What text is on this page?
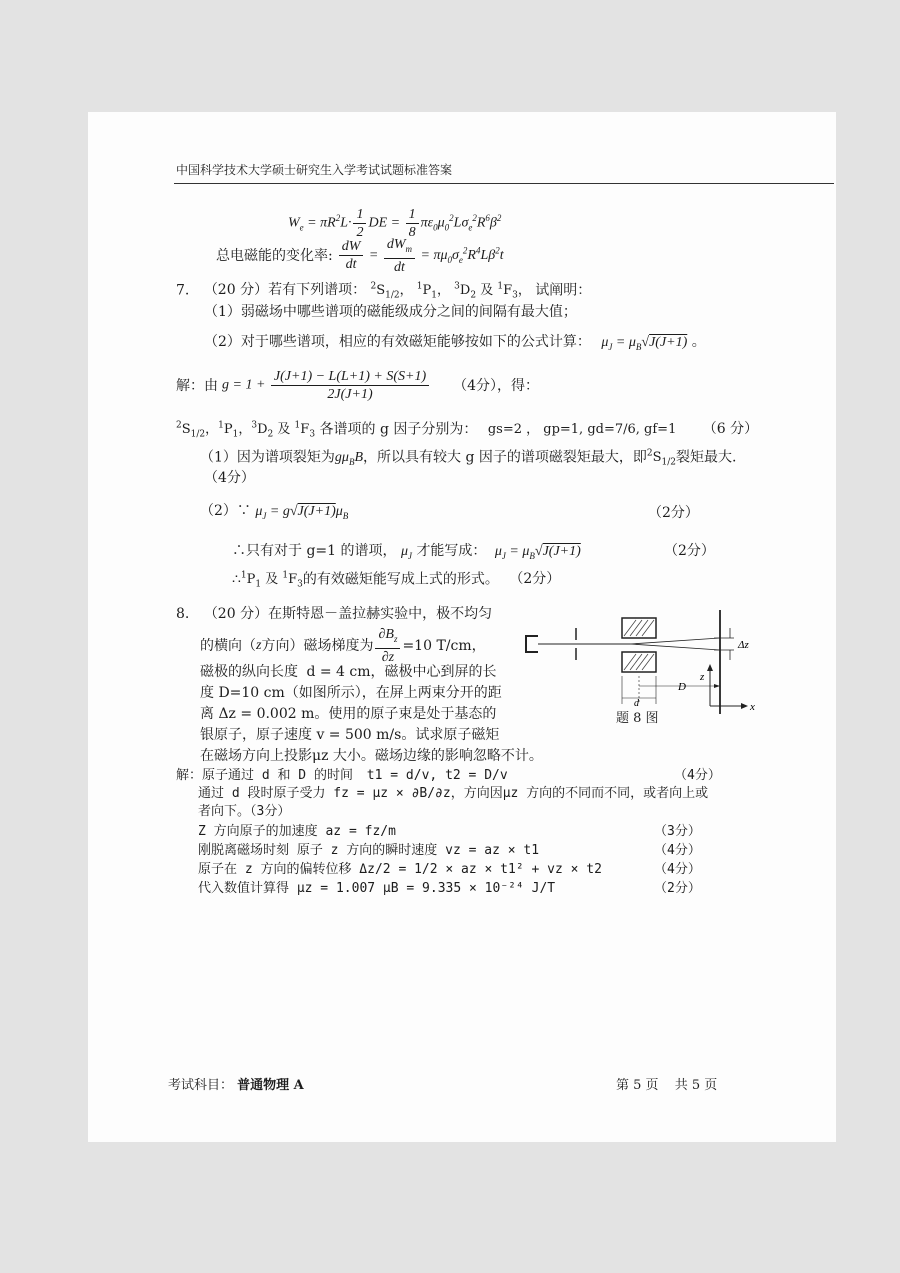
中国科学技术大学硕士研究生入学考试试题标准答案
$W_e = \pi R^2L\cdot \frac{1}{2}$ DE = $\frac{1}{8} \pi\varepsilon_0\mu_0^2L\sigma_e^2R^6\beta^2$
总电磁能的变化率: $\frac{dW}{dt} = \frac{dW_m}{dt} = \pi\mu_0\sigma_e^2R^4L\beta^2t$
7. （20 分）若有下列谱项： $^2S_{1/2}$， $^1P_1$， $^3D_2$ 及 $^1F_3$， 试阐明：
（1）弱磁场中哪些谱项的磁能级成分之间的间隔有最大值；
（2）对于哪些谱项，相应的有效磁矩能够按如下的公式计算： $\mu_J = \mu_B√J(J+1)$ 。
解：由 $g = 1 + \frac{J(J+1) - L(L+1) + S(S+1)}{2J(J+1)} (4$分），得：
$^2S_{1/2}$，$^1P_1$，$^3D_2$ 及 $^1F_3$ 各谱项的 g 因子分别为： gs=2 ， gp=1, gd=7/6, gf=1 （6 分）
（1）因为谱项裂矩为$g\mu_BB$，所以具有较大 g 因子的谱项磁裂矩最大，即$^2S_{1/2}$裂矩最大.
（4分）
（2）∵ $\mu_J = g√J(J+1)\mu_B$	（2分）
∴只有对于 g=1 的谱项， $\mu_J$ 才能写成： $\mu_J = \mu_B√J(J+1)$	（2分）
$\therefore^1P_1$ 及 $^1F_3$的有效磁矩能写成上式的形式。 （2分）
8. （20 分）在斯特恩－盖拉赫实验中，极不均匀
的横向（ z 方向）磁场梯度为 $\frac{\partial B_z}{\partial z} =10$ T/cm，
磁极的纵向长度 d = 4 cm，磁极中心到屏的长
度 D=10 cm（如图所示），在屏上两束分开的距
离 Δz = 0.002 m。使用的原子束是处于基态的
银原子，原子速度 v = 500 m/s。试求原子磁矩
在磁场方向上投影μz 大小。磁场边缘的影响忽略不计。
Δz
z
x
d
D
题 8 图
解：原子通过 d 和 D 的时间 t1 = d/v, t2 = D/v	（4分）
通过 d 段时原子受力 fz = μz × ∂B/∂z，方向因μz 方向的不同而不同，或者向上或
者向下。（3分）
Z 方向原子的加速度 az = fz/m	（3分）
刚脱离磁场时刻 原子 z 方向的瞬时速度 vz = az × t1	（4分）
原子在 z 方向的偏转位移 Δz/2 = 1/2 × az × t1² + vz × t2	（4分）
代入数值计算得 μz = 1.007 μB = 9.335 × 10⁻²⁴ J/T	（2分）
考试科目： 普通物理 A	第 5 页 共 5 页
